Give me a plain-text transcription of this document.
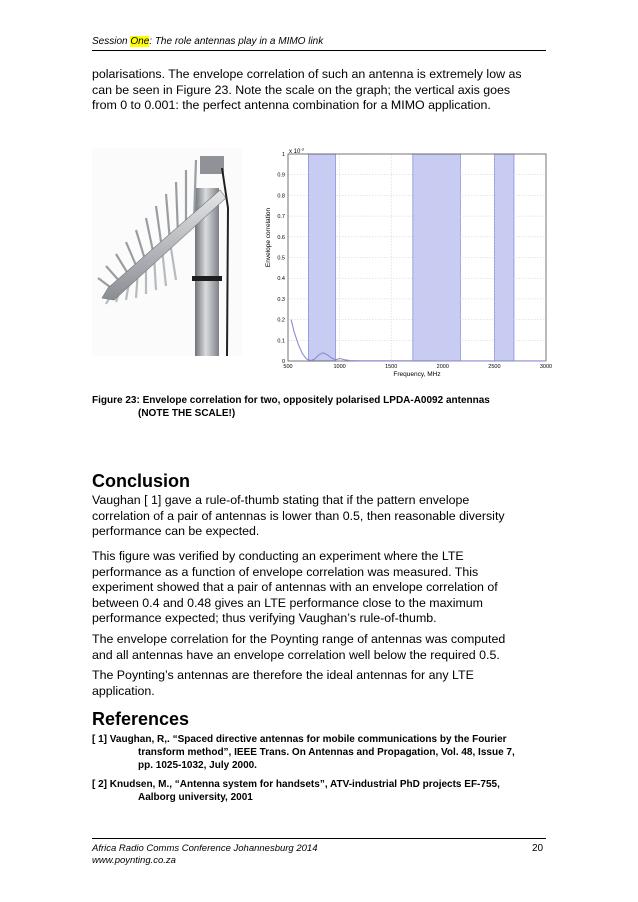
Session One: The role antennas play in a MIMO link

polarisations. The envelope correlation of such an antenna is extremely low as
can be seen in Figure 23. Note the scale on the graph; the vertical axis goes
from 0 to 0.001: the perfect antenna combination for a MIMO application.

0
0.1
0.2
0.3
0.4
0.5
0.6
0.7
0.8
0.9
1
500	1000	1500	2000	2500	3000
x $10^{-3}$
Frequency, MHz
Envelope correlation
Figure 23: Envelope correlation for two, oppositely polarised LPDA-A0092 antennas
(NOTE THE SCALE!)
Conclusion

Vaughan [ 1] gave a rule-of-thumb stating that if the pattern envelope
correlation of a pair of antennas is lower than 0.5, then reasonable diversity
performance can be expected.

This figure was verified by conducting an experiment where the LTE
performance as a function of envelope correlation was measured. This
experiment showed that a pair of antennas with an envelope correlation of
between 0.4 and 0.48 gives an LTE performance close to the maximum
performance expected; thus verifying Vaughan’s rule-of-thumb.

The envelope correlation for the Poynting range of antennas was computed
and all antennas have an envelope correlation well below the required 0.5.

The Poynting’s antennas are therefore the ideal antennas for any LTE
application.

References
[ 1] Vaughan, R,. “Spaced directive antennas for mobile communications by the Fourier
transform method”, IEEE Trans. On Antennas and Propagation, Vol. 48, Issue 7,
pp. 1025-1032, July 2000.
[ 2] Knudsen, M., “Antenna system for handsets”, ATV-industrial PhD projects EF-755,
Aalborg university, 2001
Africa Radio Comms Conference Johannesburg 2014
www.poynting.co.za
20
